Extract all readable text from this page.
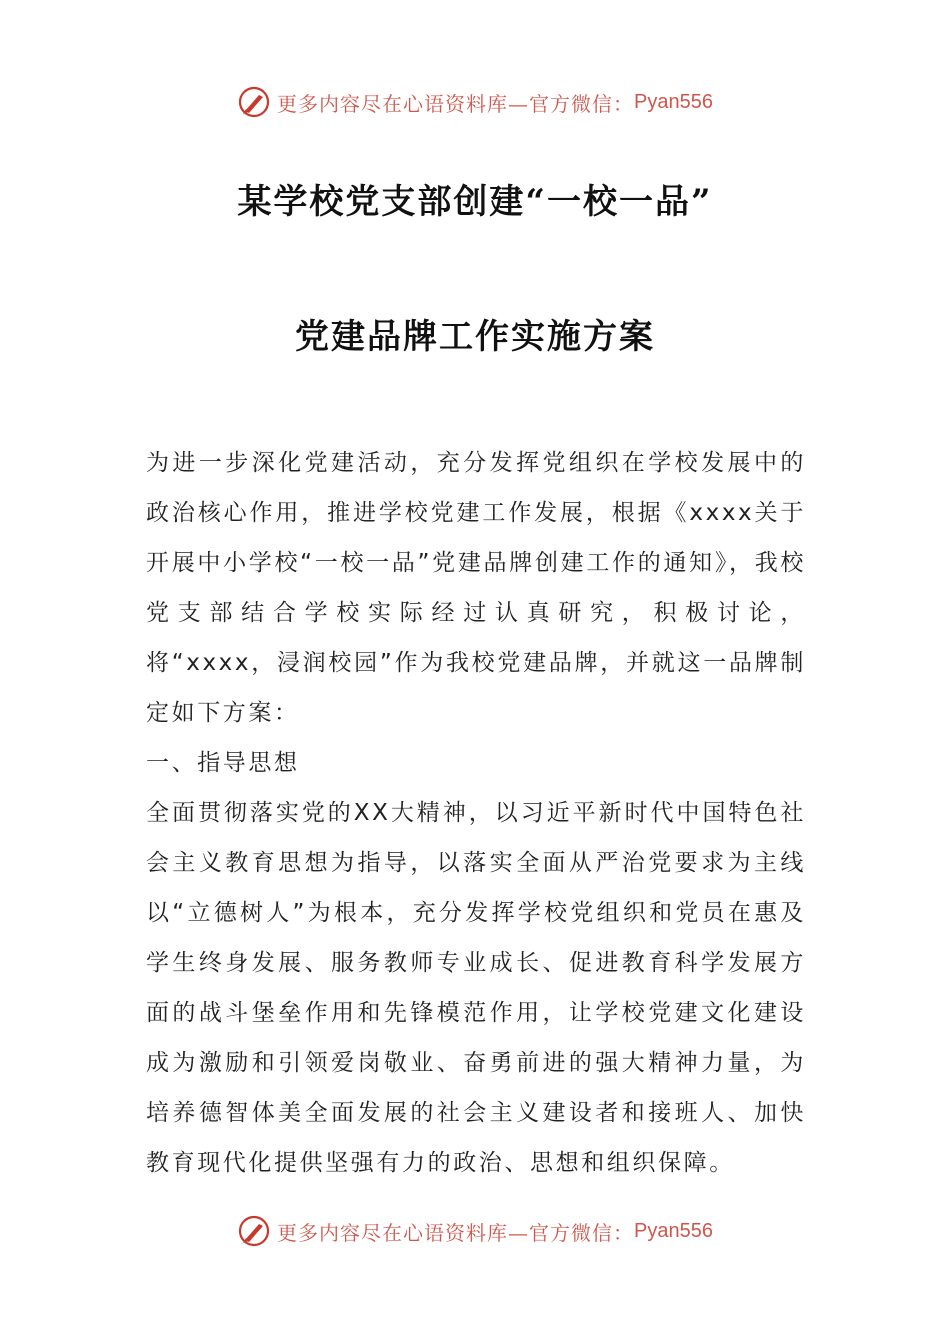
更多内容尽在心语资料库—官方微信： Pyan556
某学校党支部创建“一校一品”
党建品牌工作实施方案

为进一步深化党建活动，充分发挥党组织在学校发展中的政治核心作用，推进学校党建工作发展，根据《xxxx关于开展中小学校“一校一品”党建品牌创建工作的通知》，我校党支部结合学校实际经过认真研究，积极讨论，将“xxxx，浸润校园”作为我校党建品牌，并就这一品牌制定如下方案：

一、指导思想

全面贯彻落实党的XX大精神，以习近平新时代中国特色社会主义教育思想为指导，以落实全面从严治党要求为主线以“立德树人”为根本，充分发挥学校党组织和党员在惠及学生终身发展、服务教师专业成长、促进教育科学发展方面的战斗堡垒作用和先锋模范作用，让学校党建文化建设成为激励和引领爱岗敬业、奋勇前进的强大精神力量，为培养德智体美全面发展的社会主义建设者和接班人、加快教育现代化提供坚强有力的政治、思想和组织保障。

更多内容尽在心语资料库—官方微信： Pyan556
